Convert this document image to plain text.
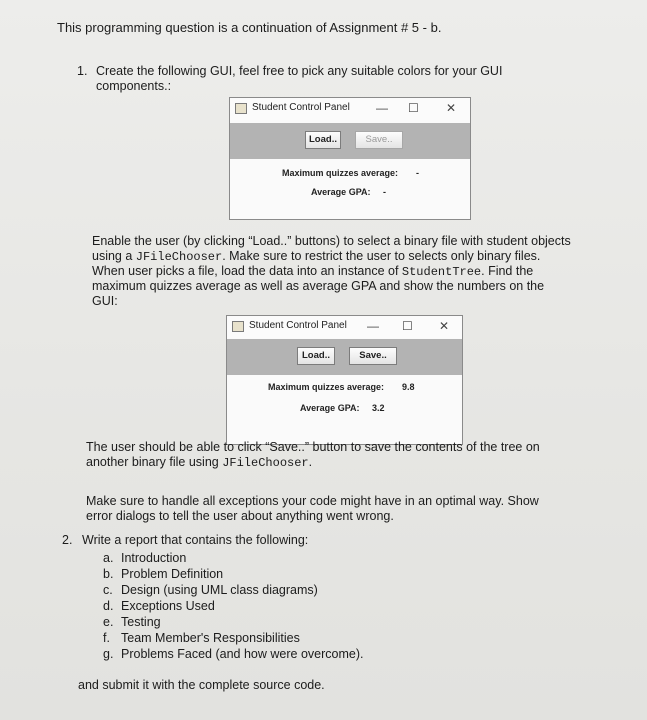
This programming question is a continuation of Assignment # 5 - b.
1. Create the following GUI, feel free to pick any suitable colors for your GUI
components.:
Student Control Panel — ☐ ✕
Load..	Save..
Maximum quizzes average: -
Average GPA: -
Enable the user (by clicking “Load..” buttons) to select a binary file with student objects
using a JFileChooser. Make sure to restrict the user to selects only binary files.
When user picks a file, load the data into an instance of StudentTree. Find the
maximum quizzes average as well as average GPA and show the numbers on the
GUI:
Student Control Panel — ☐ ✕
Load..	Save..
Maximum quizzes average: 9.8
Average GPA: 3.2
The user should be able to click “Save..” button to save the contents of the tree on
another binary file using JFileChooser.
Make sure to handle all exceptions your code might have in an optimal way. Show
error dialogs to tell the user about anything went wrong.
2. Write a report that contains the following:
a. Introduction
b. Problem Definition
c. Design (using UML class diagrams)
d. Exceptions Used
e. Testing
f. Team Member's Responsibilities
g. Problems Faced (and how were overcome).
and submit it with the complete source code.
